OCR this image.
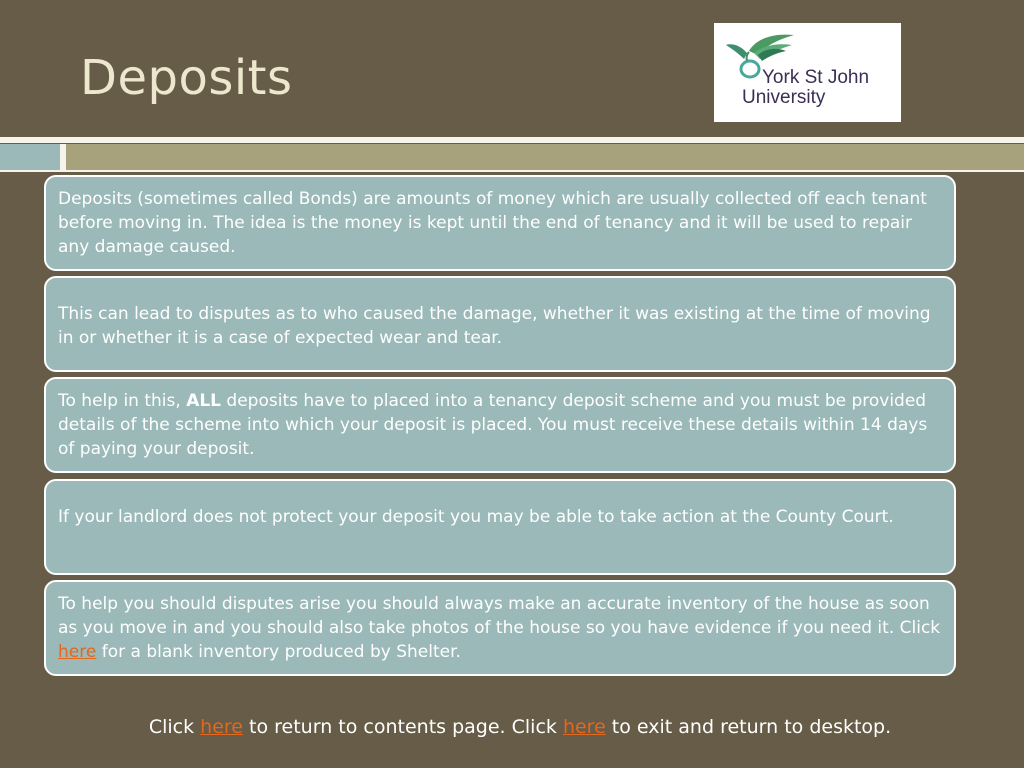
Deposits	York St John
University
Deposits (sometimes called Bonds) are amounts of money which are usually collected off each tenant before moving in. The idea is the money is kept until the end of tenancy and it will be used to repair any damage caused.
This can lead to disputes as to who caused the damage, whether it was existing at the time of moving in or whether it is a case of expected wear and tear.
To help in this, ALL deposits have to placed into a tenancy deposit scheme and you must be provided details of the scheme into which your deposit is placed. You must receive these details within 14 days of paying your deposit.
If your landlord does not protect your deposit you may be able to take action at the County Court.
To help you should disputes arise you should always make an accurate inventory of the house as soon as you move in and you should also take photos of the house so you have evidence if you need it. Click here for a blank inventory produced by Shelter.
Click here to return to contents page. Click here to exit and return to desktop.
